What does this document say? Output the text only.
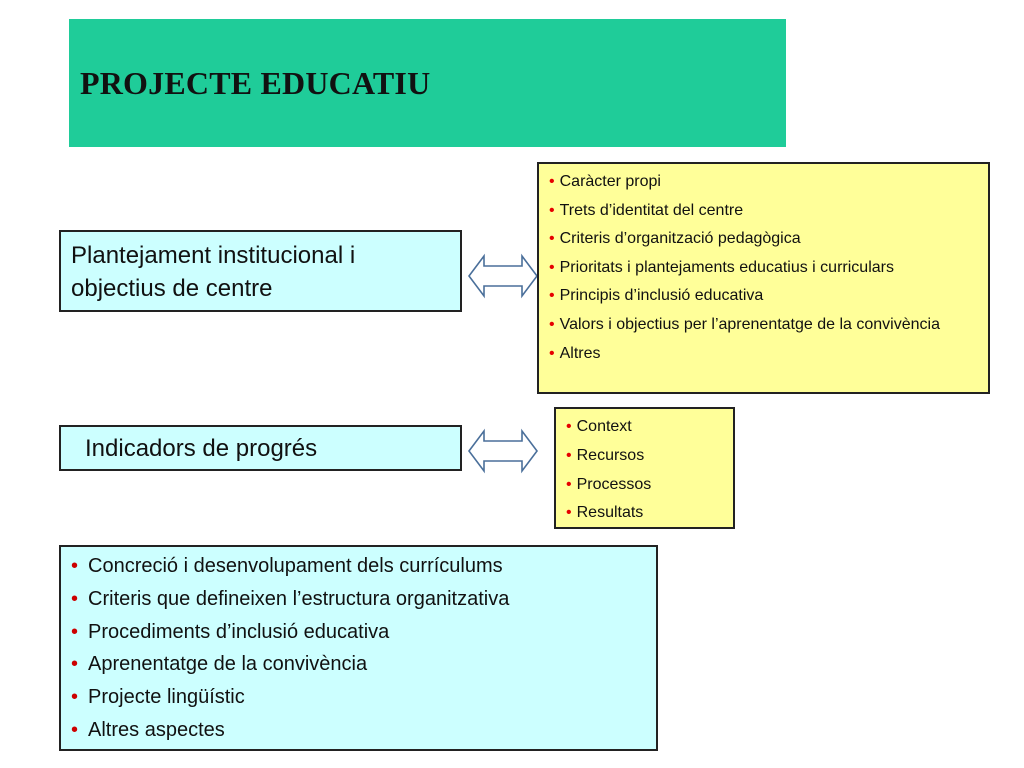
PROJECTE EDUCATIU
Plantejament institucional i objectius de centre
• Caràcter propi
• Trets d’identitat del centre
• Criteris d’organització pedagògica
• Prioritats i plantejaments educatius i curriculars
• Principis d’inclusió educativa
• Valors i objectius per l’aprenentatge de la convivència
• Altres
Indicadors de progrés
• Context
• Recursos
• Processos
• Resultats
• Concreció i desenvolupament dels currículums
• Criteris que defineixen l’estructura organitzativa
• Procediments d’inclusió educativa
• Aprenentatge de la convivència
• Projecte lingüístic
• Altres aspectes
